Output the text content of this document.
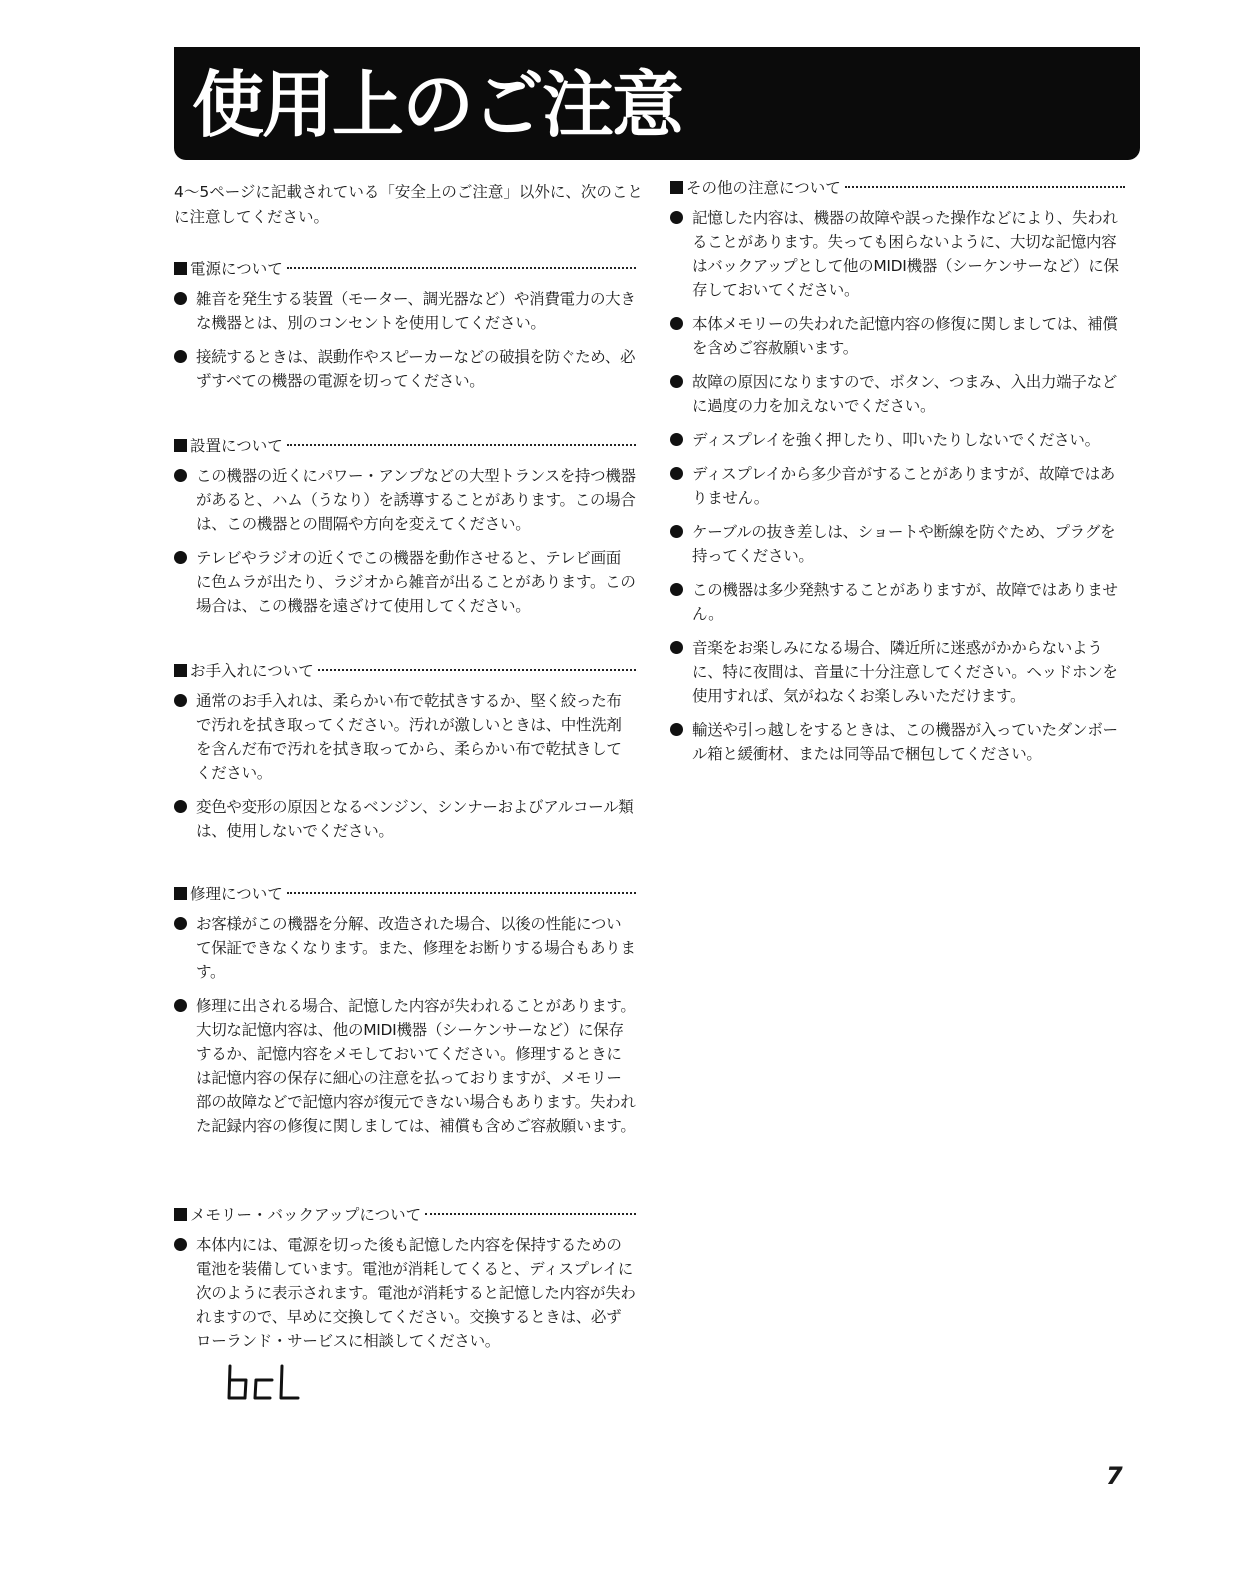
使用上のご注意

4～5ページに記載されている「安全上のご注意」以外に、次のことに注意してください。

電源について
雑音を発生する装置（モーター、調光器など）や消費電力の大きな機器とは、別のコンセントを使用してください。
接続するときは、誤動作やスピーカーなどの破損を防ぐため、必ずすべての機器の電源を切ってください。
設置について
この機器の近くにパワー・アンプなどの大型トランスを持つ機器があると、ハム（うなり）を誘導することがあります。この場合は、この機器との間隔や方向を変えてください。
テレビやラジオの近くでこの機器を動作させると、テレビ画面に色ムラが出たり、ラジオから雑音が出ることがあります。この場合は、この機器を遠ざけて使用してください。
お手入れについて
通常のお手入れは、柔らかい布で乾拭きするか、堅く絞った布で汚れを拭き取ってください。汚れが激しいときは、中性洗剤を含んだ布で汚れを拭き取ってから、柔らかい布で乾拭きしてください。
変色や変形の原因となるベンジン、シンナーおよびアルコール類は、使用しないでください。
修理について
お客様がこの機器を分解、改造された場合、以後の性能について保証できなくなります。また、修理をお断りする場合もあります。
修理に出される場合、記憶した内容が失われることがあります。大切な記憶内容は、他のMIDI機器（シーケンサーなど）に保存するか、記憶内容をメモしておいてください。修理するときには記憶内容の保存に細心の注意を払っておりますが、メモリー部の故障などで記憶内容が復元できない場合もあります。失われた記録内容の修復に関しましては、補償も含めご容赦願います。
メモリー・バックアップについて
本体内には、電源を切った後も記憶した内容を保持するための電池を装備しています。電池が消耗してくると、ディスプレイに次のように表示されます。電池が消耗すると記憶した内容が失われますので、早めに交換してください。交換するときは、必ずローランド・サービスに相談してください。
その他の注意について
記憶した内容は、機器の故障や誤った操作などにより、失われることがあります。失っても困らないように、大切な記憶内容はバックアップとして他のMIDI機器（シーケンサーなど）に保存しておいてください。
本体メモリーの失われた記憶内容の修復に関しましては、補償を含めご容赦願います。
故障の原因になりますので、ボタン、つまみ、入出力端子などに過度の力を加えないでください。
ディスプレイを強く押したり、叩いたりしないでください。
ディスプレイから多少音がすることがありますが、故障ではありません。
ケーブルの抜き差しは、ショートや断線を防ぐため、プラグを持ってください。
この機器は多少発熱することがありますが、故障ではありません。
音楽をお楽しみになる場合、隣近所に迷惑がかからないように、特に夜間は、音量に十分注意してください。ヘッドホンを使用すれば、気がねなくお楽しみいただけます。
輸送や引っ越しをするときは、この機器が入っていたダンボール箱と緩衝材、または同等品で梱包してください。
7
